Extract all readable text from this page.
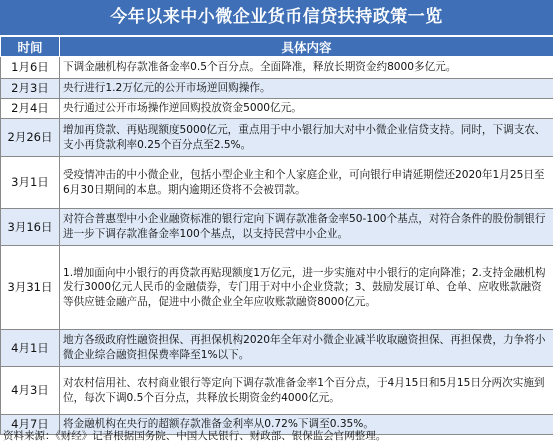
今年以来中小微企业货币信贷扶持政策一览
时间	具体内容
1月6日	下调金融机构存款准备金率0.5个百分点。全面降准，释放长期资金约8000多亿元。
2月3日	央行进行1.2万亿元的公开市场逆回购操作。
2月4日	央行通过公开市场操作逆回购投放资金5000亿元。
2月26日	增加再贷款、再贴现额度5000亿元，重点用于中小银行加大对中小微企业信贷支持。同时，下调支农、支小再贷款利率0.25个百分点至2.5%。
3月1日	受疫情冲击的中小微企业，包括小型企业主和个人家庭企业，可向银行申请延期偿还2020年1月25日至6月30日期间的本息。期内逾期还贷将不会被罚款。
3月16日	对符合普惠型中小企业融资标准的银行定向下调存款准备金率50-100个基点，对符合条件的股份制银行进一步下调存款准备金率100个基点，以支持民营中小企业。
3月31日	1.增加面向中小银行的再贷款再贴现额度1万亿元，进一步实施对中小银行的定向降准；2.支持金融机构发行3000亿元人民币的金融债券，专门用于对中小企业贷款；3、鼓励发展订单、仓单、应收账款融资等供应链金融产品，促进中小微企业全年应收账款融资8000亿元。
4月1日	地方各级政府性融资担保、再担保机构2020年全年对小微企业减半收取融资担保、再担保费，力争将小微企业综合融资担保费率降至1%以下。
4月3日	对农村信用社、农村商业银行等定向下调存款准备金率1个百分点，于4月15日和5月15日分两次实施到位，每次下调0.5个百分点，共释放长期资金约4000亿元。
4月7日	将金融机构在央行的超额存款准备金利率从0.72%下调至0.35%。
资料来源：《财经》记者根据国务院、中国人民银行、财政部、银保监会官网整理。
